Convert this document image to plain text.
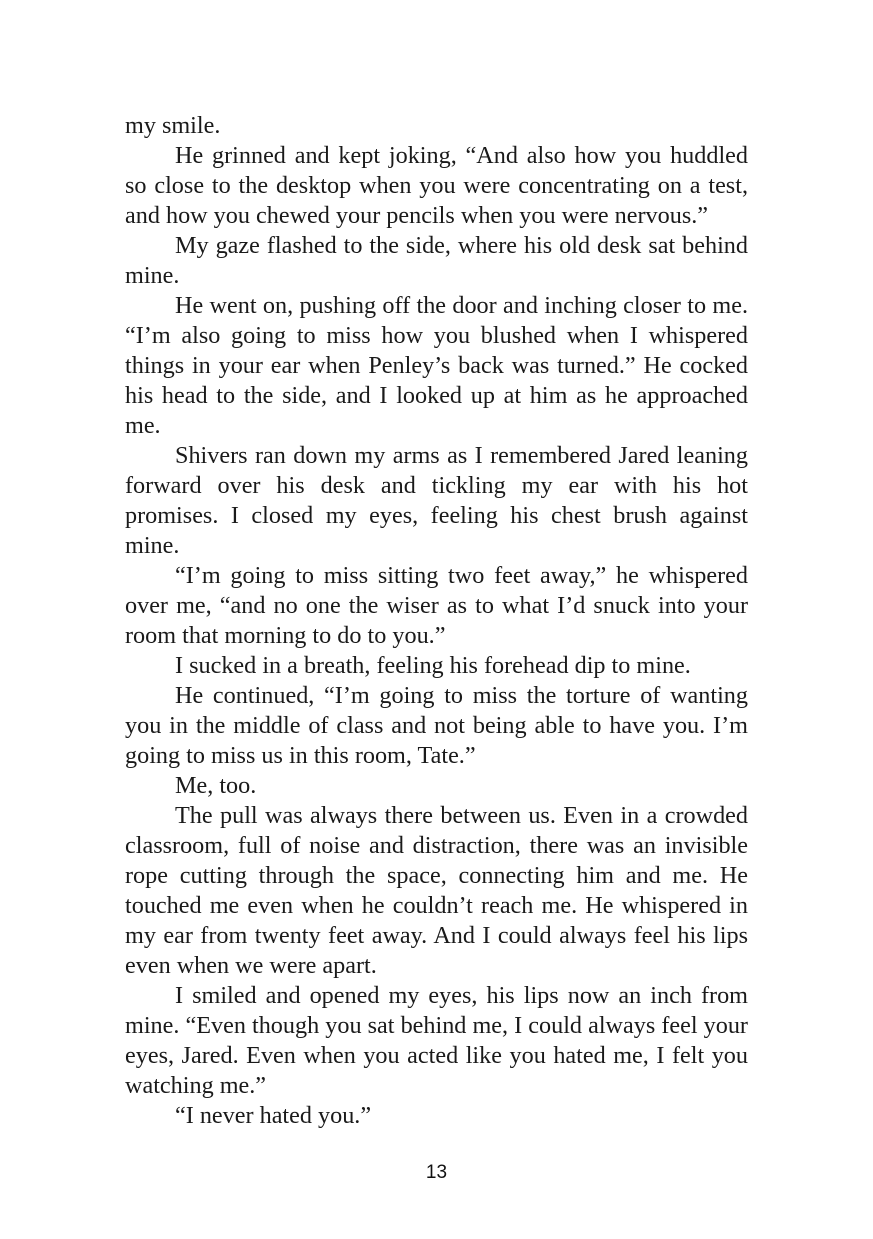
my smile.

He grinned and kept joking, “And also how you huddled so close to the desktop when you were concentrating on a test, and how you chewed your pencils when you were nervous.”

My gaze flashed to the side, where his old desk sat behind mine.

He went on, pushing off the door and inching closer to me. “I’m also going to miss how you blushed when I whispered things in your ear when Penley’s back was turned.” He cocked his head to the side, and I looked up at him as he approached me.

Shivers ran down my arms as I remembered Jared leaning forward over his desk and tickling my ear with his hot promises. I closed my eyes, feeling his chest brush against mine.

“I’m going to miss sitting two feet away,” he whispered over me, “and no one the wiser as to what I’d snuck into your room that morning to do to you.”

I sucked in a breath, feeling his forehead dip to mine.

He continued, “I’m going to miss the torture of wanting you in the middle of class and not being able to have you. I’m going to miss us in this room, Tate.”

Me, too.

The pull was always there between us. Even in a crowded classroom, full of noise and distraction, there was an invisible rope cutting through the space, connecting him and me. He touched me even when he couldn’t reach me. He whispered in my ear from twenty feet away. And I could always feel his lips even when we were apart.

I smiled and opened my eyes, his lips now an inch from mine. “Even though you sat behind me, I could always feel your eyes, Jared. Even when you acted like you hated me, I felt you watching me.”

“I never hated you.”

13
